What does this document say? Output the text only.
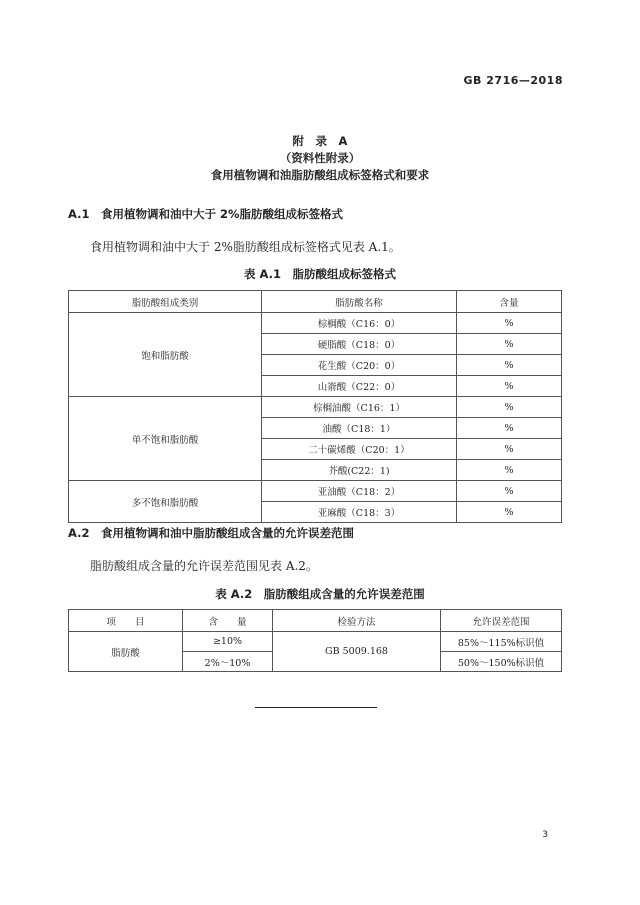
GB 2716—2018
附　录　A
（资料性附录）
食用植物调和油脂肪酸组成标签格式和要求
A.1　食用植物调和油中大于 2%脂肪酸组成标签格式
食用植物调和油中大于 2%脂肪酸组成标签格式见表 A.1。
表 A.1　脂肪酸组成标签格式
脂肪酸组成类别	脂肪酸名称	含量
饱和脂肪酸	棕榈酸（C16：0）	%
	硬脂酸（C18：0）	%
	花生酸（C20：0）	%
	山嵛酸（C22：0）	%
单不饱和脂肪酸	棕榈油酸（C16：1）	%
	油酸（C18：1）	%
	二十碳烯酸（C20：1）	%
	芥酸(C22：1)	%
多不饱和脂肪酸	亚油酸（C18：2）	%
	亚麻酸（C18：3）	%
A.2　食用植物调和油中脂肪酸组成含量的允许误差范围
脂肪酸组成含量的允许误差范围见表 A.2。
表 A.2　脂肪酸组成含量的允许误差范围
项　　目	含　　量	检验方法	允许误差范围
脂肪酸	≥10%	GB 5009.168	85%～115%标识值
	2%～10%		50%～150%标识值
3
